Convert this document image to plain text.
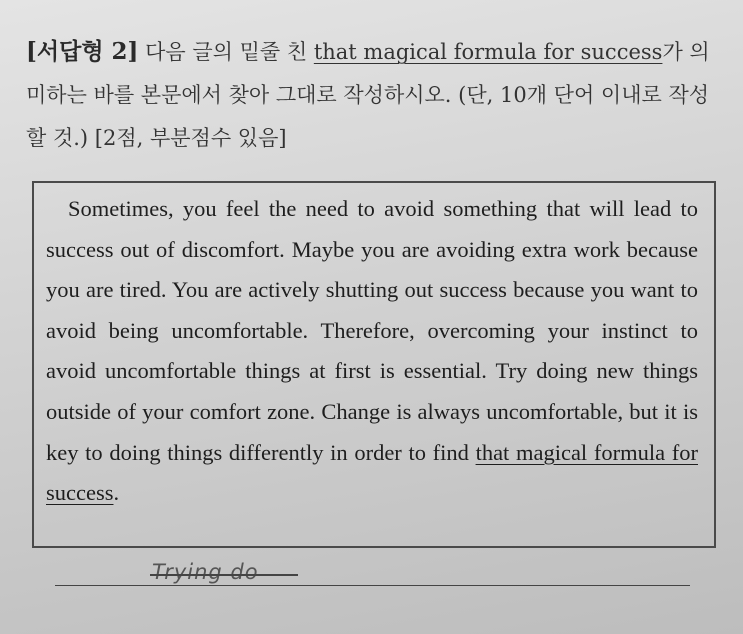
[서답형 2] 다음 글의 밑줄 친 that magical formula for success가 의미하는 바를 본문에서 찾아 그대로 작성하시오. (단, 10개 단어 이내로 작성할 것.) [2점, 부분점수 있음]

Sometimes, you feel the need to avoid something that will lead to success out of discomfort. Maybe you are avoiding extra work because you are tired. You are actively shutting out success because you want to avoid being uncomfortable. Therefore, overcoming your instinct to avoid uncomfortable things at first is essential. Try doing new things outside of your comfort zone. Change is always uncomfortable, but it is key to doing things differently in order to find that magical formula for success.

Trying do
